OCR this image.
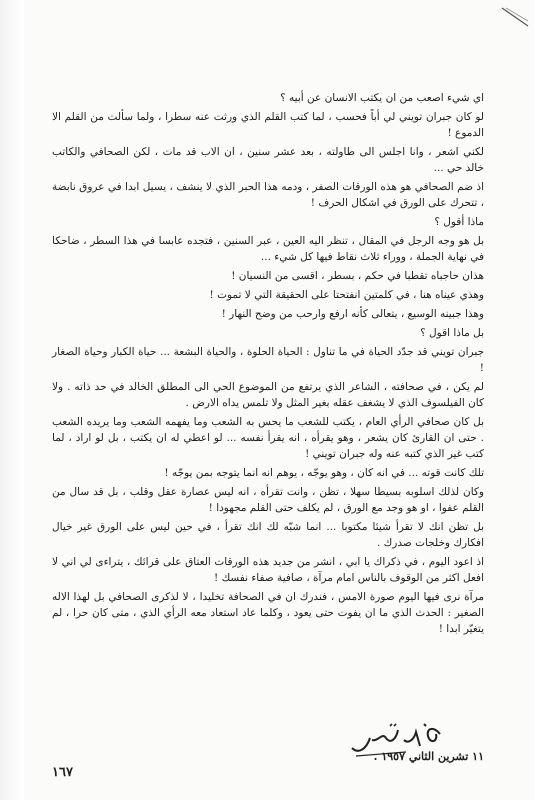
اي شيء اصعب من ان يكتب الانسان عن أبيه ؟

لو كان جبران تويني لي أباً فحسب ، لما كتب القلم الذي ورثت عنه سطرا ، ولما سألت من القلم الا الدموع !

لكني اشعر ، وانا اجلس الى طاولته ، بعد عشر سنين ، ان الاب قد مات ، لكن الصحافي والكاتب خالد حي ...

اذ ضم الصحافي هو هذه الورقات الصفر ، ودمه هذا الحبر الذي لا ينشف ، يسيل ابدا في عروق نابضة ، تتحرك على الورق في اشكال الحرف !

ماذا أقول ؟

بل هو وجه الرجل في المقال ، تنظر اليه العين ، عبر السنين ، فتجده عابسا في هذا السطر ، ضاحكا في نهاية الجملة ، ووراء ثلاث نقاط فيها كل شيء ...

هذان حاجباه تقطبا في حكم ، بسطر ، اقسى من النسيان !

وهذي عيناه هنا ، في كلمتين انفتحتا على الحقيقة التي لا تموت !

وهذا جبينه الوسيع ، يتعالى كأنه ارفع وارحب من وضح النهار !

بل ماذا اقول ؟

جبران تويني قد جدّد الحياة في ما تناول : الحياة الحلوة ، والحياة البشعة ... حياة الكبار وحياة الصغار !

لم يكن ، في صحافته ، الشاعر الذي يرتفع من الموضوع الحي الى المطلق الخالد في حد ذاته . ولا كان الفيلسوف الذي لا يشغف عقله بغير المثل ولا تلمس يداه الارض .

بل كان صحافي الرأي العام ، يكتب للشعب ما يحس به الشعب وما يفهمه الشعب وما يريده الشعب . حتى ان القارئ كان يشعر ، وهو يقرأه ، انه يقرأ نفسه ... لو اعطي له ان يكتب ، بل لو اراد ، لما كتب غير الذي كتبه عنه وله جبران تويني !

تلك كانت قوته ... في انه كان ، وهو يوجّه ، يوهم انه انما يتوجه بمن يوجّه !

وكان لذلك اسلوبه بسيطا سهلا ، تظن ، وانت تقرأه ، انه ليس عصارة عقل وقلب ، بل قد سال من القلم عفوا ، او هو وجد مع الورق ، لم يكلف حتى القلم مجهودا !

بل تظن انك لا تقرأ شيئا مكتوبا ... انما شبّه لك انك تقرأ ، في حين ليس على الورق غير خيال افكارك وخلجات صدرك .

اذ اعود اليوم ، في ذكراك يا ابي ، انشر من جديد هذه الورقات العتاق على قرائك ، يتراءى لي اني لا افعل اكثر من الوقوف بالناس امام مرآة ، صافية صفاء نفسك !

مرآة نرى فيها اليوم صورة الامس ، فندرك ان في الصحافة تخليدا ، لا لذكرى الصحافي بل لهذا الاله الصغير : الحدث الذي ما ان يفوت حتى يعود ، وكلما عاد استعاد معه الرأي الذي ، متى كان حرا ، لم يتغيّر ابدا !

١١ تشرين الثاني ١٩٥٧ .
١٦٧
